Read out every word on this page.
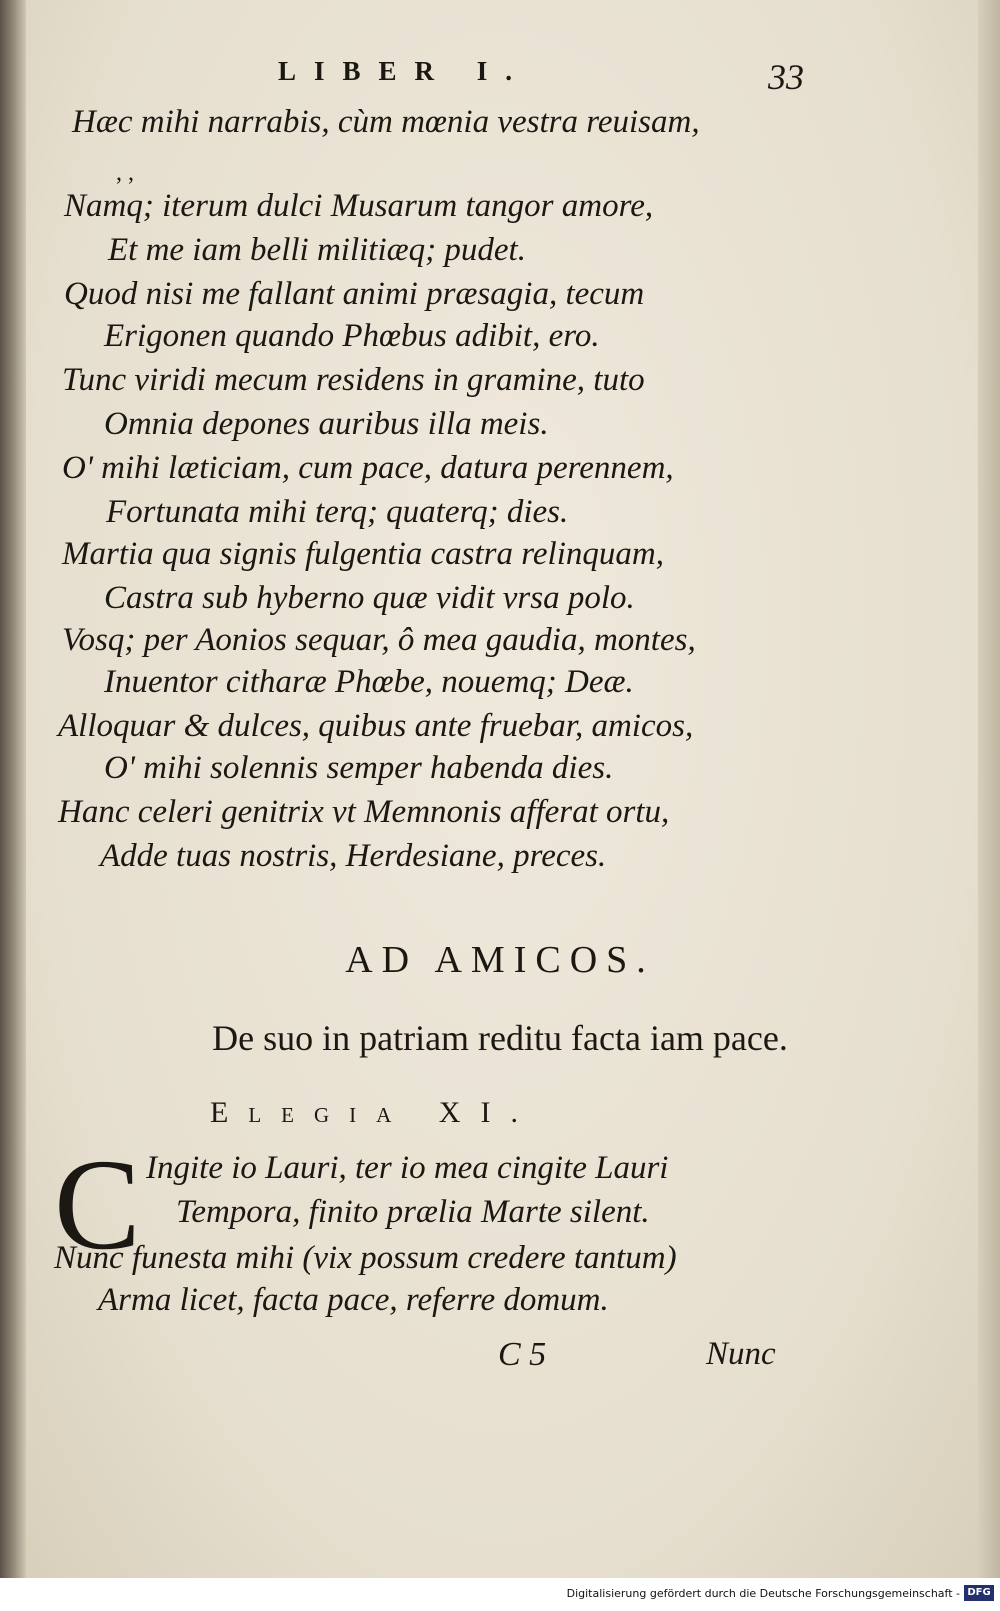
LIBER I.	33
Hæc mihi narrabis, cùm mœnia vestra reuisam,
, ,
Namq; iterum dulci Musarum tangor amore,
Et me iam belli militiæq; pudet.
Quod nisi me fallant animi præsagia, tecum
Erigonen quando Phœbus adibit, ero.
Tunc viridi mecum residens in gramine, tuto
Omnia depones auribus illa meis.
O' mihi læticiam, cum pace, datura perennem,
Fortunata mihi terq; quaterq; dies.
Martia qua signis fulgentia castra relinquam,
Castra sub hyberno quæ vidit vrsa polo.
Vosq; per Aonios sequar, ô mea gaudia, montes,
Inuentor citharæ Phœbe, nouemq; Deæ.
Alloquar & dulces, quibus ante fruebar, amicos,
O' mihi solennis semper habenda dies.
Hanc celeri genitrix vt Memnonis afferat ortu,
Adde tuas nostris, Herdesiane, preces.
AD AMICOS.
De suo in patriam reditu facta iam pace.
Elegia XI.
C Ingite io Lauri, ter io mea cingite Lauri
Tempora, finito prælia Marte silent.
Nunc funesta mihi (vix possum credere tantum)
Arma licet, facta pace, referre domum.
C 5	Nunc
Digitalisierung gefördert durch die Deutsche Forschungsgemeinschaft - DFG
